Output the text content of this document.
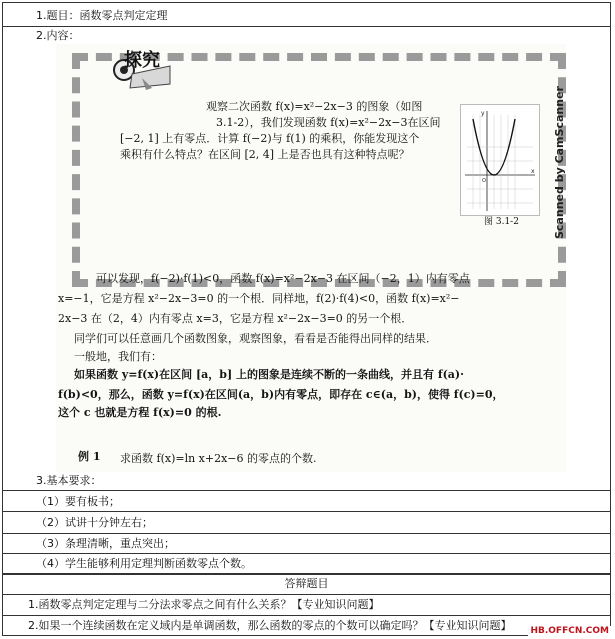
1.题目：函数零点判定定理
2.内容：
探究
观察二次函数 f(x)=x²−2x−3 的图象（如图
3.1-2），我们发现函数 f(x)=x²−2x−3在区间
[−2, 1] 上有零点．计算 f(−2)与 f(1) 的乘积，你能发现这个
乘积有什么特点？在区间 [2, 4] 上是否也具有这种特点呢？
y
x
O
图 3.1-2	Scanned by CamScanner
可以发现，f(−2)·f(1)<0，函数 f(x)=x²−2x−3 在区间（−2，1）内有零点
x=−1，它是方程 x²−2x−3=0 的一个根．同样地，f(2)·f(4)<0，函数 f(x)=x²−
2x−3 在（2，4）内有零点 x=3，它是方程 x²−2x−3=0 的另一个根．
同学们可以任意画几个函数图象，观察图象，看看是否能得出同样的结果．
一般地，我们有：
如果函数 y=f(x)在区间 [a，b] 上的图象是连续不断的一条曲线，并且有 f(a)·
f(b)<0，那么，函数 y=f(x)在区间(a，b)内有零点，即存在 c∈(a，b)，使得 f(c)=0，
这个 c 也就是方程 f(x)=0 的根.
例 1 求函数 f(x)=ln x+2x−6 的零点的个数.
3.基本要求：
（1）要有板书；
（2）试讲十分钟左右；
（3）条理清晰，重点突出；
（4）学生能够利用定理判断函数零点个数。
答辩题目
1.函数零点判定定理与二分法求零点之间有什么关系？【专业知识问题】
2.如果一个连续函数在定义域内是单调函数，那么函数的零点的个数可以确定吗？【专业知识问题】 HB.OFFCN.COM
